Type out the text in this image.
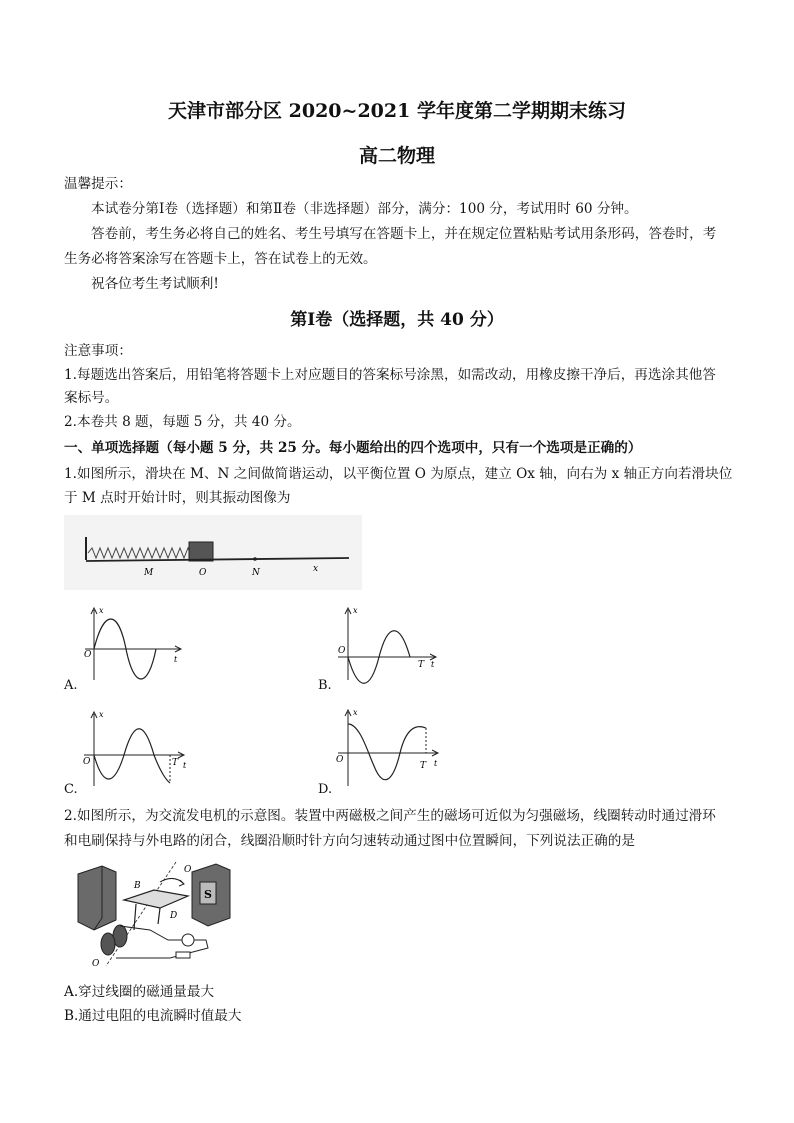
天津市部分区 2020~2021 学年度第二学期期末练习
高二物理
温馨提示：
本试卷分第Ⅰ卷（选择题）和第Ⅱ卷（非选择题）部分，满分：100 分，考试用时 60 分钟。
答卷前，考生务必将自己的姓名、考生号填写在答题卡上，并在规定位置粘贴考试用条形码，答卷时，考
生务必将答案涂写在答题卡上，答在试卷上的无效。
祝各位考生考试顺利!
第Ⅰ卷（选择题，共 40 分）
注意事项：
1.每题选出答案后，用铅笔将答题卡上对应题目的答案标号涂黑，如需改动，用橡皮擦干净后，再选涂其他答
案标号。
2.本卷共 8 题，每题 5 分，共 40 分。
一、单项选择题（每小题 5 分，共 25 分。每小题给出的四个选项中，只有一个选项是正确的）
1.如图所示，滑块在 M、N 之间做简谐运动，以平衡位置 O 为原点，建立 Ox 轴，向右为 x 轴正方向若滑块位
于 M 点时开始计时，则其振动图像为
M	O	N	x
x
O	t
A.
x
O
T t
B.
x
O	T t
C.
x
O
T t
D.
2.如图所示，为交流发电机的示意图。装置中两磁极之间产生的磁场可近似为匀强磁场，线圈转动时通过滑环
和电刷保持与外电路的闭合，线圈沿顺时针方向匀速转动通过图中位置瞬间，下列说法正确的是
S
O
B
D
O
A.穿过线圈的磁通量最大
B.通过电阻的电流瞬时值最大
